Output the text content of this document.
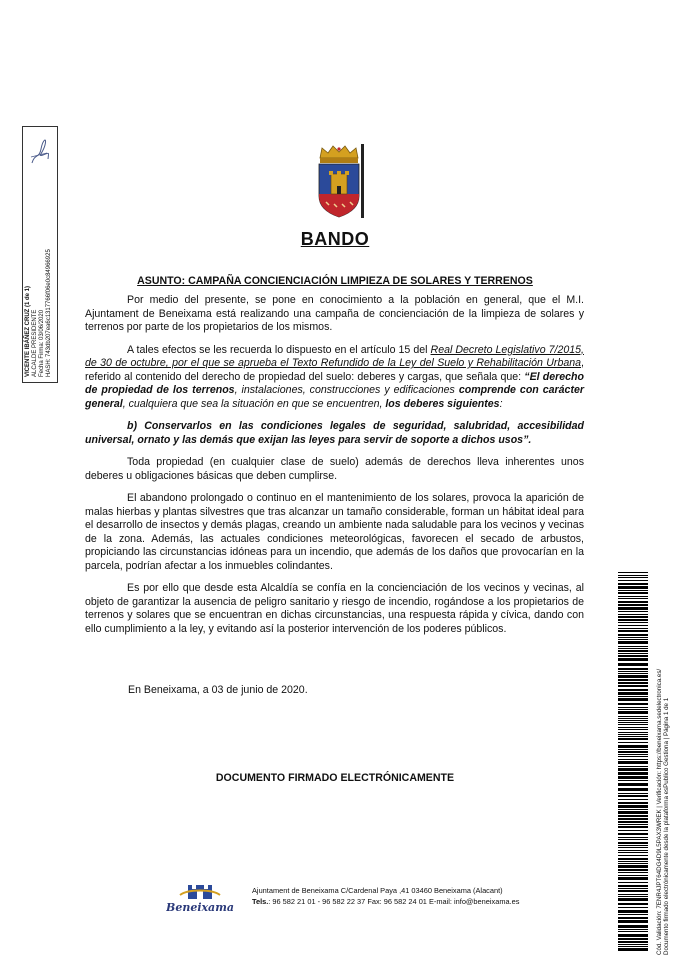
VICENTE IBÁÑEZ CRUZ (1 de 1) ALCALDE PRESIDENTE Fecha Firma: 03/06/2020 HASH: 743db207ea6c1317766f06e0c84966925
BANDO
ASUNTO: CAMPAÑA CONCIENCIACIÓN LIMPIEZA DE SOLARES Y TERRENOS

Por medio del presente, se pone en conocimiento a la población en general, que el M.I. Ajuntament de Beneixama está realizando una campaña de concienciación de la limpieza de solares y terrenos por parte de los propietarios de los mismos.

A tales efectos se les recuerda lo dispuesto en el artículo 15 del Real Decreto Legislativo 7/2015, de 30 de octubre, por el que se aprueba el Texto Refundido de la Ley del Suelo y Rehabilitación Urbana, referido al contenido del derecho de propiedad del suelo: deberes y cargas, que señala que: “El derecho de propiedad de los terrenos, instalaciones, construcciones y edificaciones comprende con carácter general, cualquiera que sea la situación en que se encuentren, los deberes siguientes:

b) Conservarlos en las condiciones legales de seguridad, salubridad, accesibilidad universal, ornato y las demás que exijan las leyes para servir de soporte a dichos usos”.

Toda propiedad (en cualquier clase de suelo) además de derechos lleva inherentes unos deberes u obligaciones básicas que deben cumplirse.

El abandono prolongado o continuo en el mantenimiento de los solares, provoca la aparición de malas hierbas y plantas silvestres que tras alcanzar un tamaño considerable, forman un hábitat ideal para el desarrollo de insectos y demás plagas, creando un ambiente nada saludable para los vecinos y vecinas de la zona. Además, las actuales condiciones meteorológicas, favorecen el secado de arbustos, propiciando las circunstancias idóneas para un incendio, que además de los daños que provocarían en la parcela, podrían afectar a los inmuebles colindantes.

Es por ello que desde esta Alcaldía se confía en la concienciación de los vecinos y vecinas, al objeto de garantizar la ausencia de peligro sanitario y riesgo de incendio, rogándose a los propietarios de terrenos y solares que se encuentran en dichas circunstancias, una respuesta rápida y cívica, dando con ello cumplimiento a la ley, y evitando así la posterior intervención de los poderes públicos.

En Beneixama, a 03 de junio de 2020.
DOCUMENTO FIRMADO ELECTRÓNICAMENTE
Beneixama
Ajuntament de Beneixama C/Cardenal Paya ,41 03460 Beneixama (Alacant)
Tels.: 96 582 21 01 - 96 582 22 37 Fax: 96 582 24 01 E-mail: info@beneixama.es	Cód. Validación: 7ENR4JPT64DG4D9L5PAX3WREK | Verificación: https://beneixama.sedelectronica.es/ Documento firmado electrónicamente desde la plataforma esPublico Gestiona | Página 1 de 1
